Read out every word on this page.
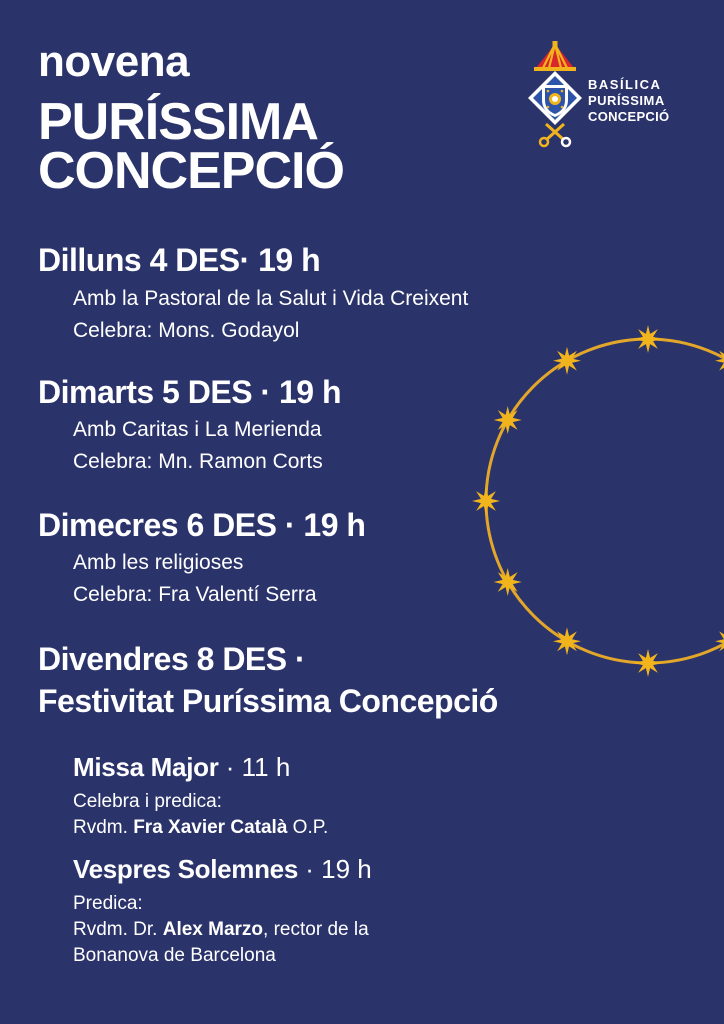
novena
PURÍSSIMA
CONCEPCIÓ
BASÍLICA
PURÍSSIMA
CONCEPCIÓ
Dilluns 4 DES· 19 h
Amb la Pastoral de la Salut i Vida Creixent
Celebra: Mons. Godayol
Dimarts 5 DES · 19 h
Amb Caritas i La Merienda
Celebra: Mn. Ramon Corts
Dimecres 6 DES · 19 h
Amb les religioses
Celebra: Fra Valentí Serra
Divendres 8 DES ·
Festivitat Puríssima Concepció
Missa Major · 11 h
Celebra i predica:
Rvdm. Fra Xavier Català O.P.
Vespres Solemnes · 19 h
Predica:
Rvdm. Dr. Alex Marzo, rector de la
Bonanova de Barcelona
